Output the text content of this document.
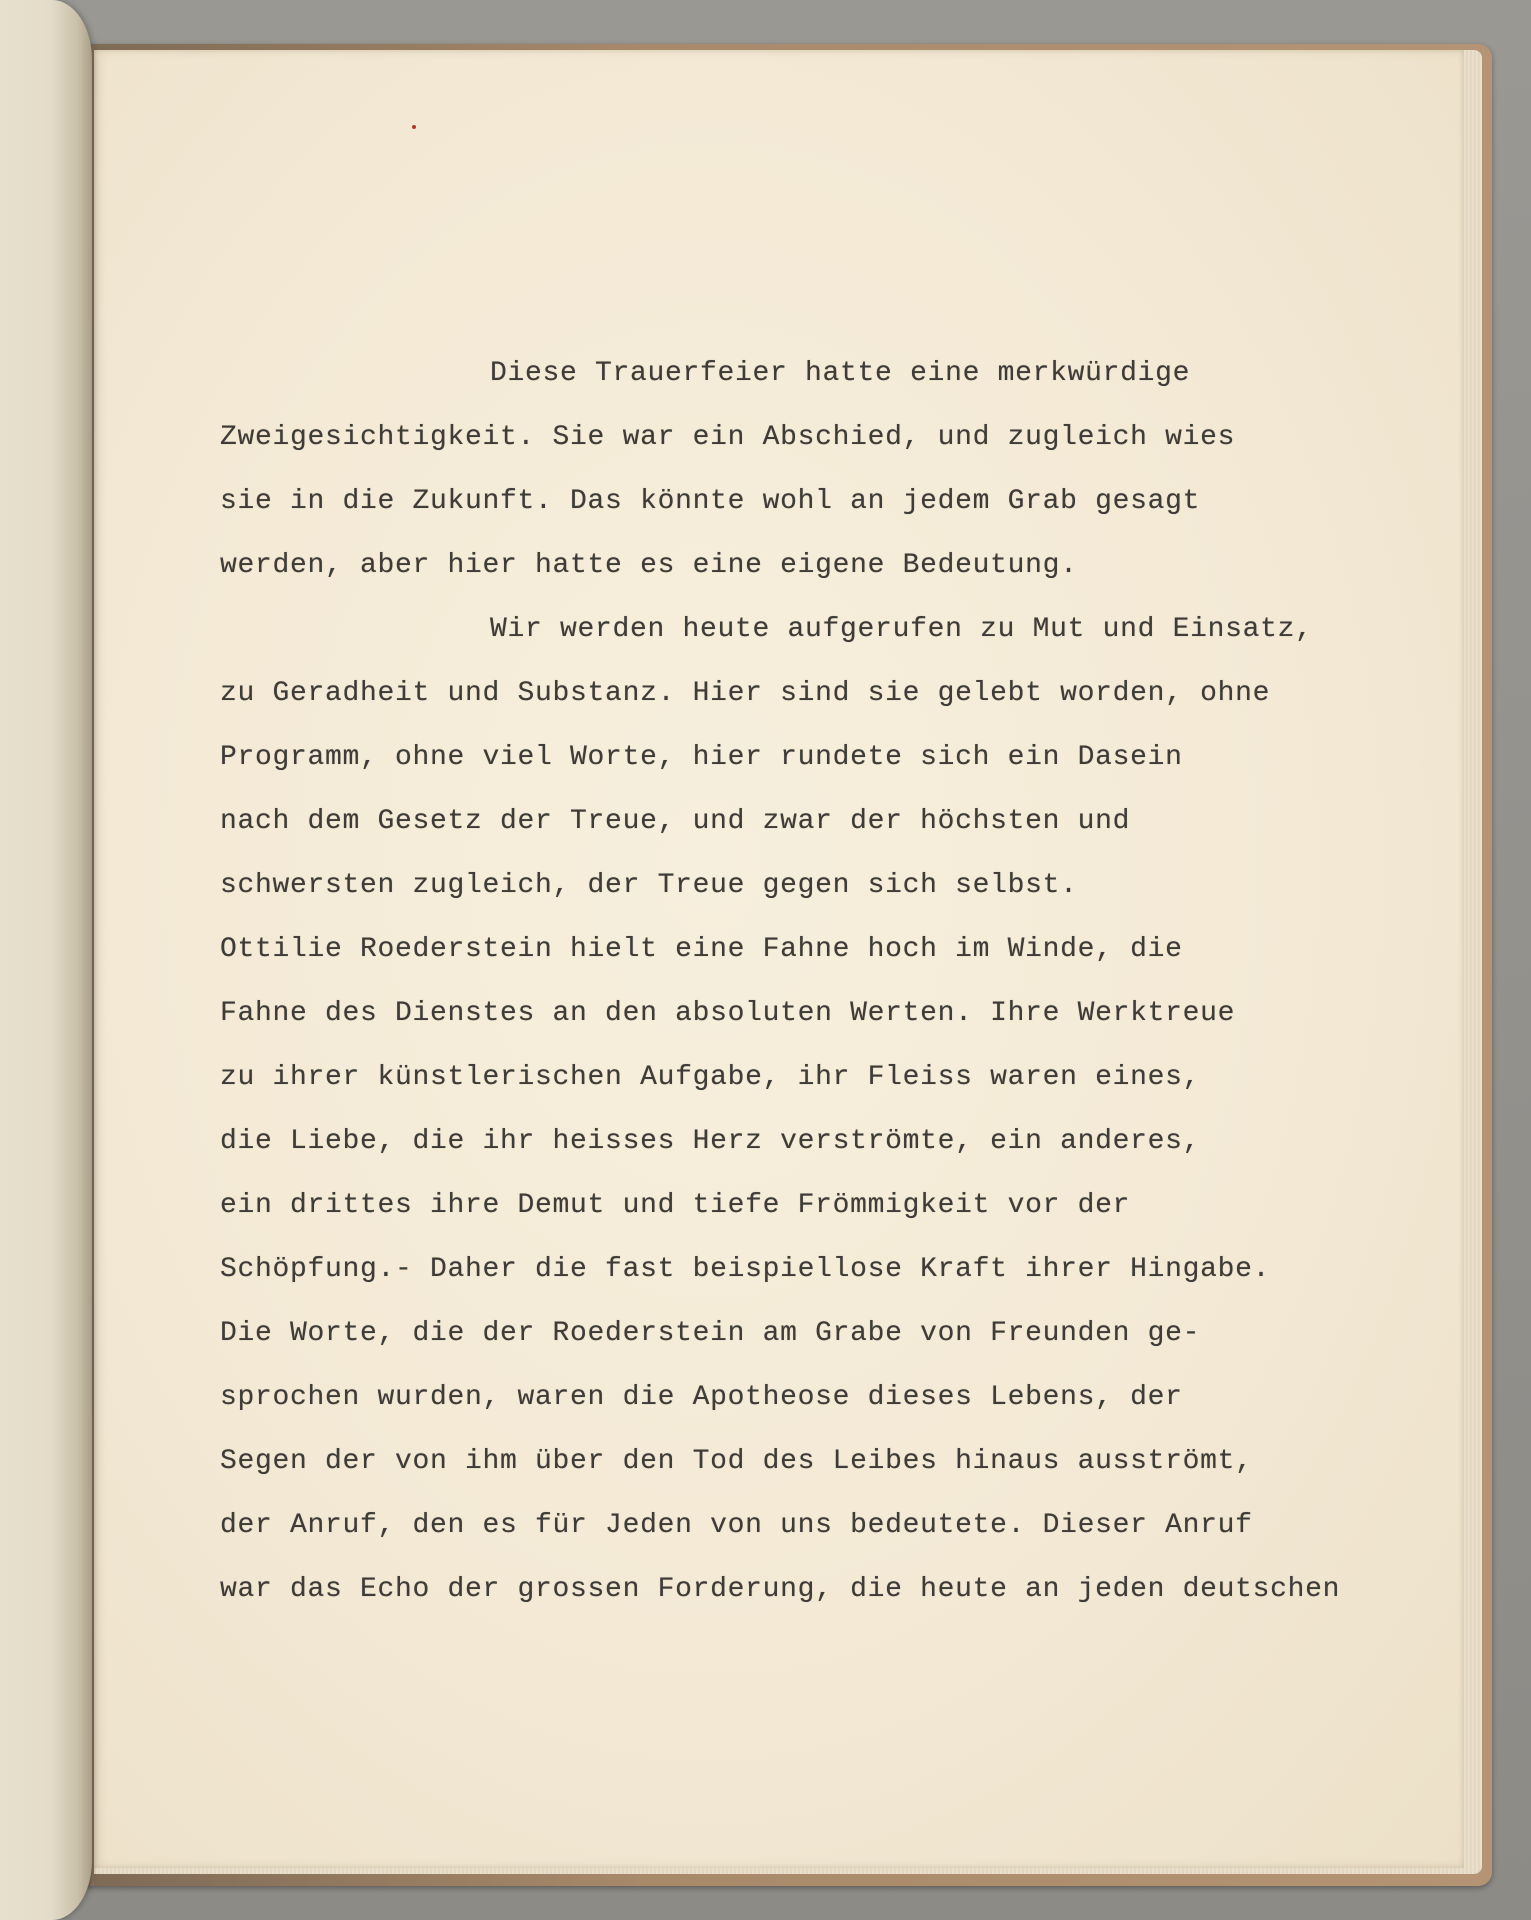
Diese Trauerfeier hatte eine merkwürdige
Zweigesichtigkeit. Sie war ein Abschied, und zugleich wies
sie in die Zukunft. Das könnte wohl an jedem Grab gesagt
werden, aber hier hatte es eine eigene Bedeutung.
Wir werden heute aufgerufen zu Mut und Einsatz,
zu Geradheit und Substanz. Hier sind sie gelebt worden, ohne
Programm, ohne viel Worte, hier rundete sich ein Dasein
nach dem Gesetz der Treue, und zwar der höchsten und
schwersten zugleich, der Treue gegen sich selbst.
Ottilie Roederstein hielt eine Fahne hoch im Winde, die
Fahne des Dienstes an den absoluten Werten. Ihre Werktreue
zu ihrer künstlerischen Aufgabe, ihr Fleiss waren eines,
die Liebe, die ihr heisses Herz verströmte, ein anderes,
ein drittes ihre Demut und tiefe Frömmigkeit vor der
Schöpfung.- Daher die fast beispiellose Kraft ihrer Hingabe.
Die Worte, die der Roederstein am Grabe von Freunden ge-
sprochen wurden, waren die Apotheose dieses Lebens, der
Segen der von ihm über den Tod des Leibes hinaus ausströmt,
der Anruf, den es für Jeden von uns bedeutete. Dieser Anruf
war das Echo der grossen Forderung, die heute an jeden deutschen
